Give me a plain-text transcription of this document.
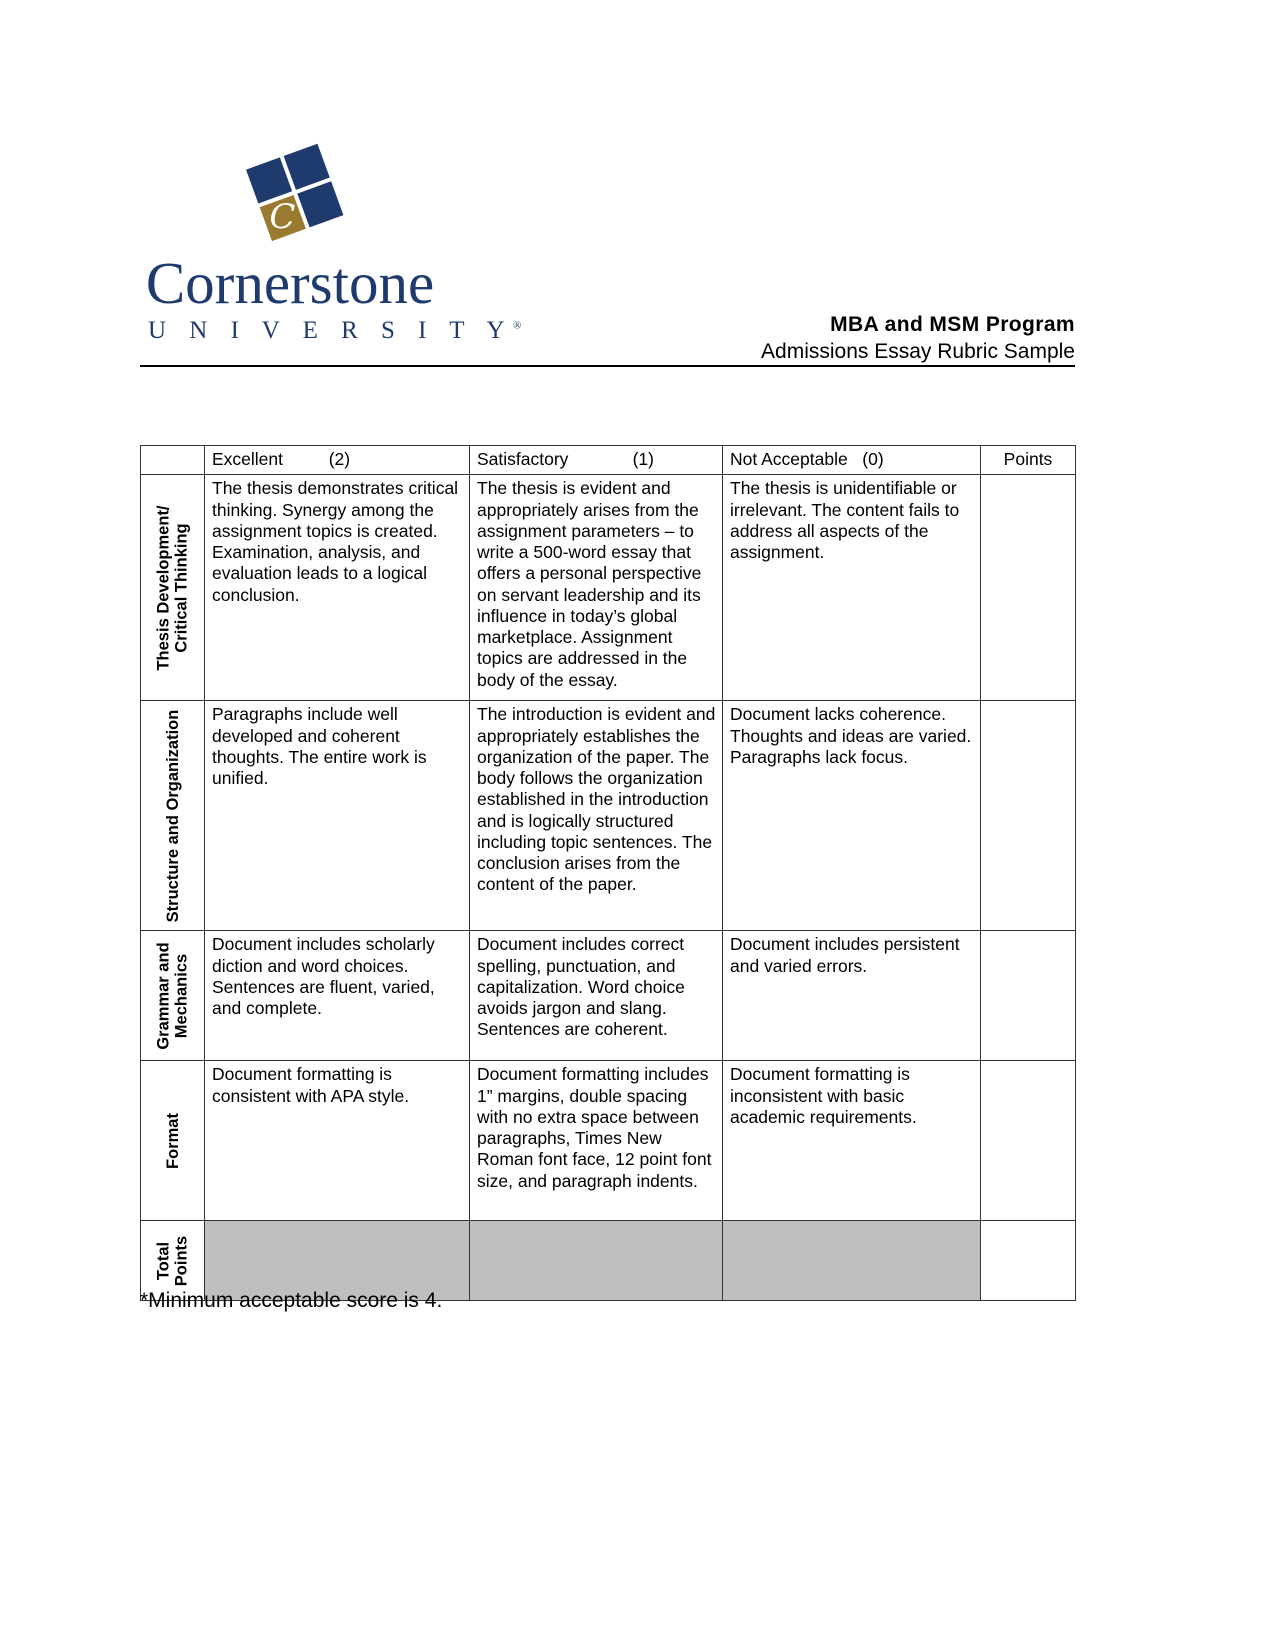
C
Cornerstone
U N I V E R S I T Y®	MBA and MSM Program
Admissions Essay Rubric Sample
	Excellent		(2)	Satisfactory		(1)	Not Acceptable   (0)	Points

Thesis Development/ Critical Thinking	The thesis demonstrates critical thinking. Synergy among the assignment topics is created. Examination, analysis, and evaluation leads to a logical conclusion.	The thesis is evident and appropriately arises from the assignment parameters – to write a 500-word essay that offers a personal perspective on servant leadership and its influence in today’s global marketplace. Assignment topics are addressed in the body of the essay.	The thesis is unidentifiable or irrelevant. The content fails to address all aspects of the assignment.	

Structure and Organization	Paragraphs include well developed and coherent thoughts. The entire work is unified.	The introduction is evident and appropriately establishes the organization of the paper. The body follows the organization established in the introduction and is logically structured including topic sentences. The conclusion arises from the content of the paper.	Document lacks coherence. Thoughts and ideas are varied. Paragraphs lack focus.	

Grammar and Mechanics	Document includes scholarly diction and word choices. Sentences are fluent, varied, and complete.	Document includes correct spelling, punctuation, and capitalization. Word choice avoids jargon and slang. Sentences are coherent.	Document includes persistent and varied errors.	

Format	Document formatting is consistent with APA style.	Document formatting includes 1” margins, double spacing with no extra space between paragraphs, Times New Roman font face, 12 point font size, and paragraph indents.	Document formatting is inconsistent with basic academic requirements.	

Total Points				

*Minimum acceptable score is 4.
